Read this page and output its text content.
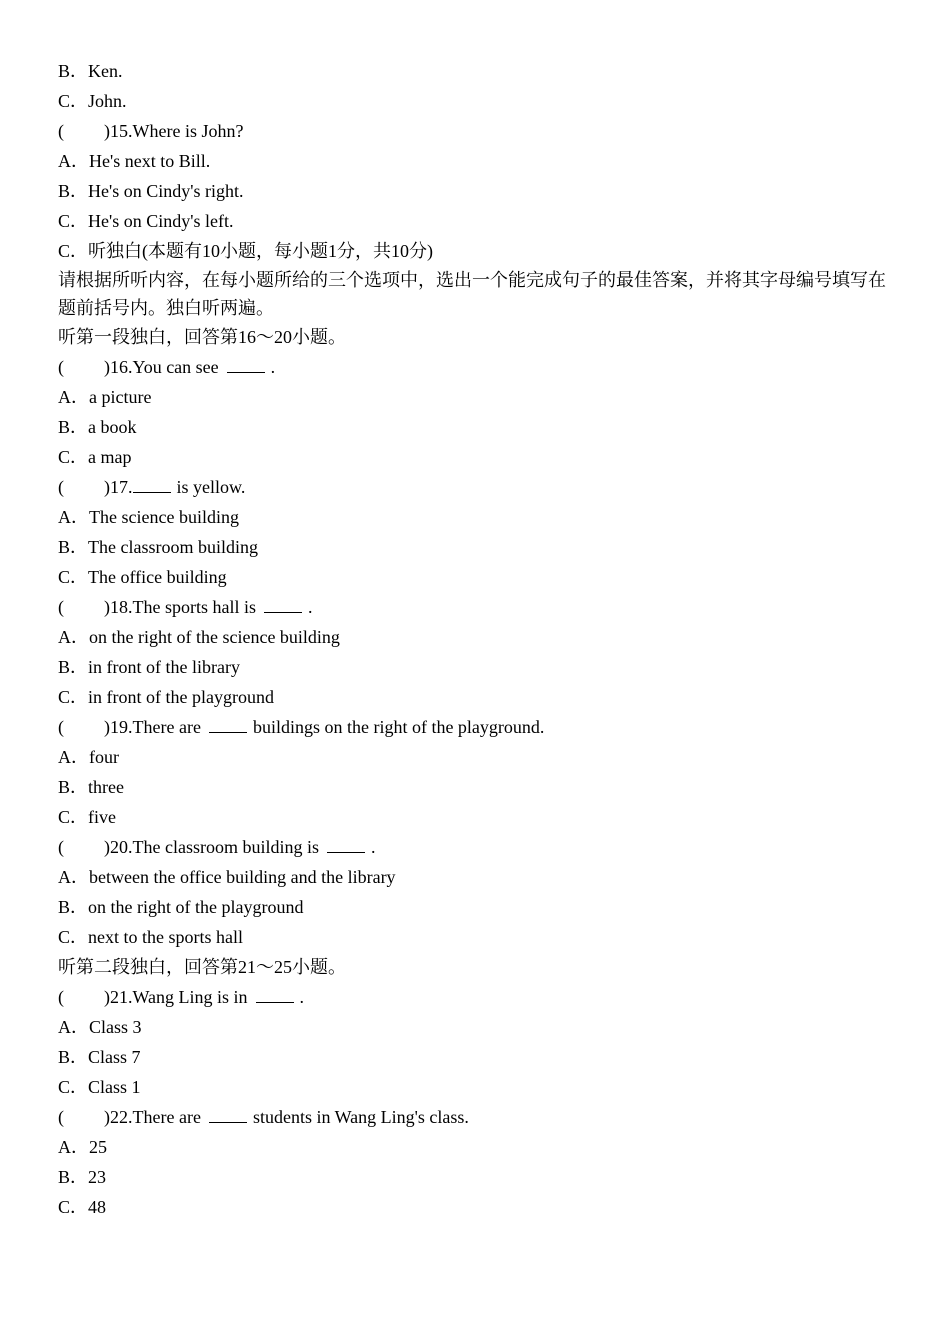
B．Ken.
C．John.
( )15.Where is John?
A．He's next to Bill.
B．He's on Cindy's right.
C．He's on Cindy's left.
C．听独白(本题有10小题，每小题1分，共10分)
请根据所听内容，在每小题所给的三个选项中，选出一个能完成句子的最佳答案，并将其字母编号填写在题前括号内。独白听两遍。
听第一段独白，回答第16～20小题。
( )16.You can see	.
A．a picture
B．a book
C．a map
( )17. is yellow.
A．The science building
B．The classroom building
C．The office building
( )18.The sports hall is	.
A．on the right of the science building
B．in front of the library
C．in front of the playground
( )19.There are	buildings on the right of the playground.
A．four
B．three
C．five
( )20.The classroom building is	.
A．between the office building and the library
B．on the right of the playground
C．next to the sports hall
听第二段独白，回答第21～25小题。
( )21.Wang Ling is in	.
A．Class 3
B．Class 7
C．Class 1
( )22.There are	students in Wang Ling's class.
A．25
B．23
C．48
